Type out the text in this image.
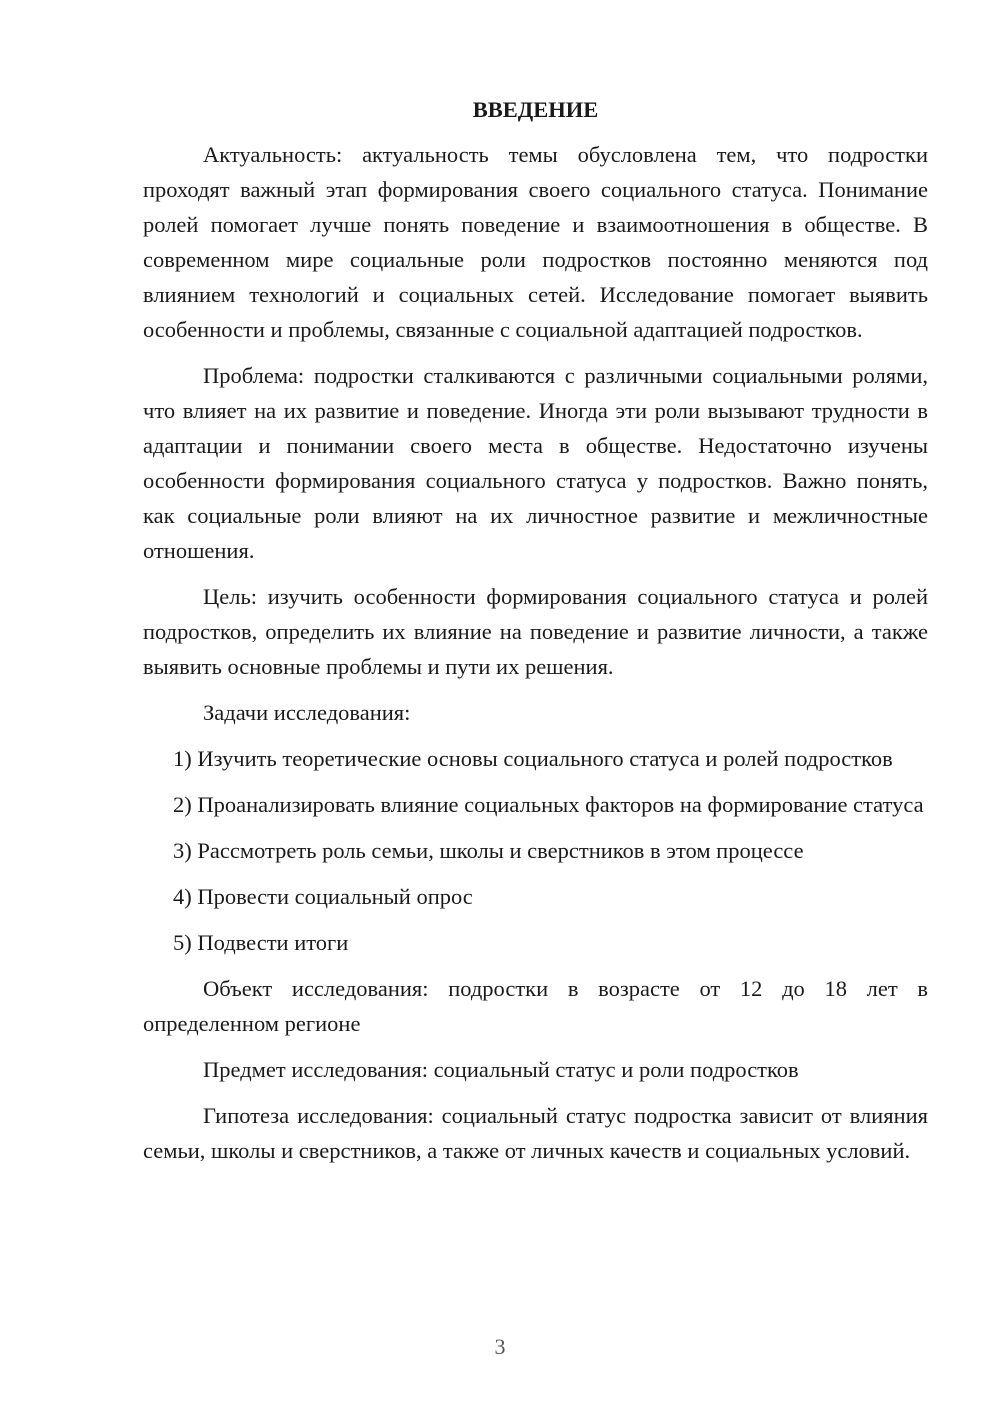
ВВЕДЕНИЕ

Актуальность: актуальность темы обусловлена тем, что подростки проходят важный этап формирования своего социального статуса. Понимание ролей помогает лучше понять поведение и взаимоотношения в обществе. В современном мире социальные роли подростков постоянно меняются под влиянием технологий и социальных сетей. Исследование помогает выявить особенности и проблемы, связанные с социальной адаптацией подростков.

Проблема: подростки сталкиваются с различными социальными ролями, что влияет на их развитие и поведение. Иногда эти роли вызывают трудности в адаптации и понимании своего места в обществе. Недостаточно изучены особенности формирования социального статуса у подростков. Важно понять, как социальные роли влияют на их личностное развитие и межличностные отношения.

Цель: изучить особенности формирования социального статуса и ролей подростков, определить их влияние на поведение и развитие личности, а также выявить основные проблемы и пути их решения.

Задачи исследования:

1) Изучить теоретические основы социального статуса и ролей подростков

2) Проанализировать влияние социальных факторов на формирование статуса

3) Рассмотреть роль семьи, школы и сверстников в этом процессе

4) Провести социальный опрос

5) Подвести итоги

Объект исследования: подростки в возрасте от 12 до 18 лет в определенном регионе

Предмет исследования: социальный статус и роли подростков

Гипотеза исследования: социальный статус подростка зависит от влияния семьи, школы и сверстников, а также от личных качеств и социальных условий.

3
